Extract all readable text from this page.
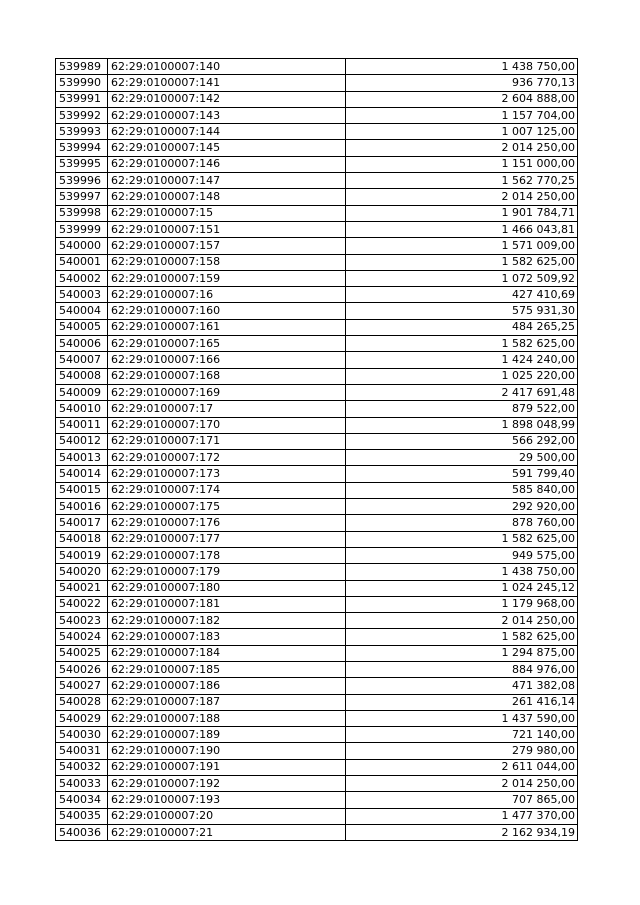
539989	62:29:0100007:140	1 438 750,00
539990	62:29:0100007:141	936 770,13
539991	62:29:0100007:142	2 604 888,00
539992	62:29:0100007:143	1 157 704,00
539993	62:29:0100007:144	1 007 125,00
539994	62:29:0100007:145	2 014 250,00
539995	62:29:0100007:146	1 151 000,00
539996	62:29:0100007:147	1 562 770,25
539997	62:29:0100007:148	2 014 250,00
539998	62:29:0100007:15	1 901 784,71
539999	62:29:0100007:151	1 466 043,81
540000	62:29:0100007:157	1 571 009,00
540001	62:29:0100007:158	1 582 625,00
540002	62:29:0100007:159	1 072 509,92
540003	62:29:0100007:16	427 410,69
540004	62:29:0100007:160	575 931,30
540005	62:29:0100007:161	484 265,25
540006	62:29:0100007:165	1 582 625,00
540007	62:29:0100007:166	1 424 240,00
540008	62:29:0100007:168	1 025 220,00
540009	62:29:0100007:169	2 417 691,48
540010	62:29:0100007:17	879 522,00
540011	62:29:0100007:170	1 898 048,99
540012	62:29:0100007:171	566 292,00
540013	62:29:0100007:172	29 500,00
540014	62:29:0100007:173	591 799,40
540015	62:29:0100007:174	585 840,00
540016	62:29:0100007:175	292 920,00
540017	62:29:0100007:176	878 760,00
540018	62:29:0100007:177	1 582 625,00
540019	62:29:0100007:178	949 575,00
540020	62:29:0100007:179	1 438 750,00
540021	62:29:0100007:180	1 024 245,12
540022	62:29:0100007:181	1 179 968,00
540023	62:29:0100007:182	2 014 250,00
540024	62:29:0100007:183	1 582 625,00
540025	62:29:0100007:184	1 294 875,00
540026	62:29:0100007:185	884 976,00
540027	62:29:0100007:186	471 382,08
540028	62:29:0100007:187	261 416,14
540029	62:29:0100007:188	1 437 590,00
540030	62:29:0100007:189	721 140,00
540031	62:29:0100007:190	279 980,00
540032	62:29:0100007:191	2 611 044,00
540033	62:29:0100007:192	2 014 250,00
540034	62:29:0100007:193	707 865,00
540035	62:29:0100007:20	1 477 370,00
540036	62:29:0100007:21	2 162 934,19
